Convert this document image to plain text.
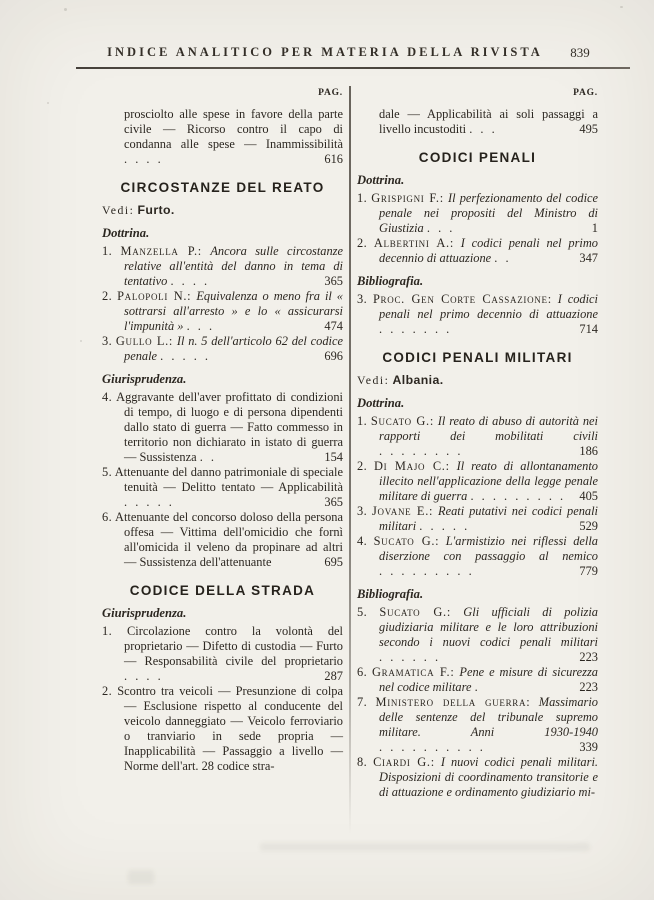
INDICE ANALITICO PER MATERIA DELLA RIVISTA	839
PAG.

prosciolto alle spese in favore della parte civile — Ricorso contro il capo di condanna alle spese — Inammissibilità . . . .	616

CIRCOSTANZE DEL REATO

Vedi: Furto.

Dottrina.

1. Manzella P.: Ancora sulle circostanze relative all'entità del danno in tema di tentativo . . . .	365

2. Palopoli N.: Equivalenza o meno fra il « sottrarsi all'arresto » e lo « assicurarsi l'impunità » . . .	474

3. Gullo L.: Il n. 5 dell'articolo 62 del codice penale . . . . .	696

Giurisprudenza.

4. Aggravante dell'aver profittato di condizioni di tempo, di luogo e di persona dipendenti dallo stato di guerra — Fatto commesso in territorio non dichiarato in istato di guerra — Sussistenza . .	154

5. Attenuante del danno patrimoniale di speciale tenuità — Delitto tentato — Applicabilità . . . . .	365

6. Attenuante del concorso doloso della persona offesa — Vittima dell'omicidio che fornì all'omicida il veleno da propinare ad altri — Sussistenza dell'attenuante	695

CODICE DELLA STRADA

Giurisprudenza.

1. Circolazione contro la volontà del proprietario — Difetto di custodia — Furto — Responsabilità civile del proprietario . . . .	287

2. Scontro tra veicoli — Presunzione di colpa — Esclusione rispetto al conducente del veicolo danneggiato — Veicolo ferroviario o tranviario in sede propria — Inapplicabilità — Passaggio a livello — Norme dell'art. 28 codice stra-

PAG.

dale — Applicabilità ai soli passaggi a livello incustoditi . . .	495

CODICI PENALI

Dottrina.

1. Grispigni F.: Il perfezionamento del codice penale nei propositi del Ministro di Giustizia . . .	1

2. Albertini A.: I codici penali nel primo decennio di attuazione . .	347

Bibliografia.

3. Proc. Gen Corte Cassazione: I codici penali nel primo decennio di attuazione . . . . . . .	714

CODICI PENALI MILITARI

Vedi: Albania.

Dottrina.

1. Sucato G.: Il reato di abuso di autorità nei rapporti dei mobilitati civili . . . . . . . .	186

2. Di Majo C.: Il reato di allontanamento illecito nell'applicazione della legge penale militare di guerra . . . . . . . . . 405

3. Jovane E.: Reati putativi nei codici penali militari . . . . .	529

4. Sucato G.: L'armistizio nei riflessi della diserzione con passaggio al nemico . . . . . . . . .	779

Bibliografia.

5. Sucato G.: Gli ufficiali di polizia giudiziaria militare e le loro attribuzioni secondo i nuovi codici penali militari . . . . . .	223

6. Gramatica F.: Pene e misure di sicurezza nel codice militare .	223

7. Ministero della guerra: Massimario delle sentenze del tribunale supremo militare. Anni 1930-1940 . . . . . . . . . .	339

8. Ciardi G.: I nuovi codici penali militari. Disposizioni di coordinamento transitorie e di attuazione e ordinamento giudiziario mi-
